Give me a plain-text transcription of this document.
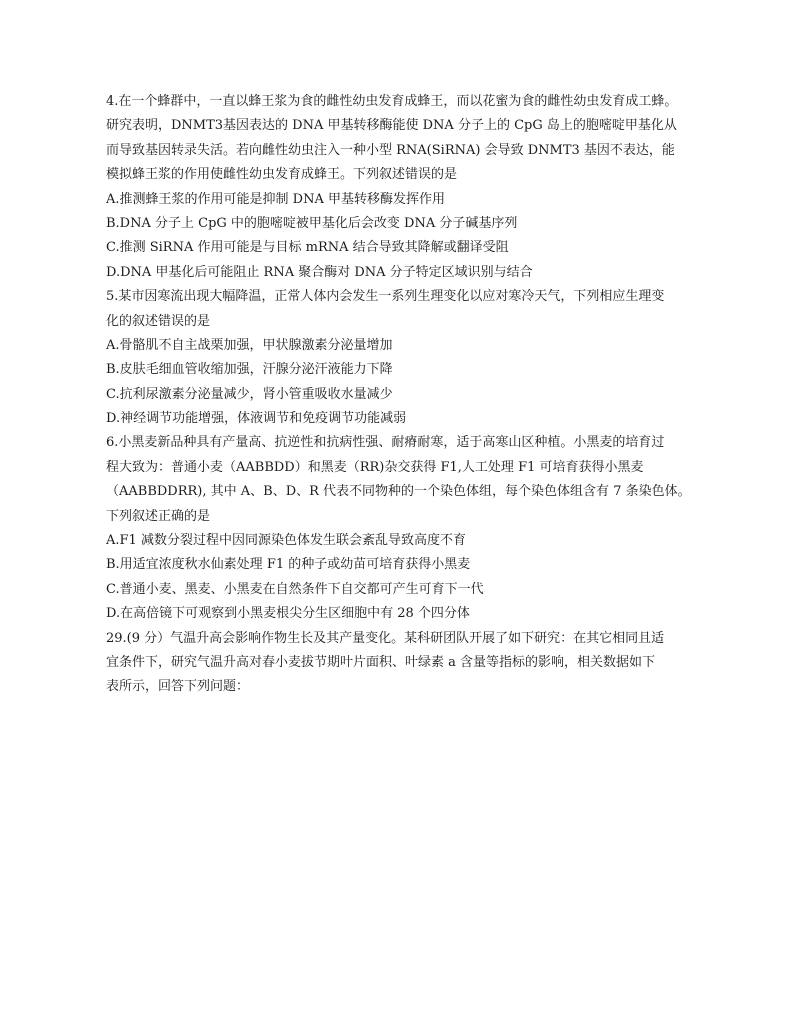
4.在一个蜂群中，一直以蜂王浆为食的雌性幼虫发育成蜂王，而以花蜜为食的雌性幼虫发育成工蜂。
研究表明，DNMT3基因表达的 DNA 甲基转移酶能使 DNA 分子上的 CpG 岛上的胞嘧啶甲基化从
而导致基因转录失活。若向雌性幼虫注入一种小型 RNA(SiRNA) 会导致 DNMT3 基因不表达，能
模拟蜂王浆的作用使雌性幼虫发育成蜂王。下列叙述错误的是
A.推测蜂王浆的作用可能是抑制 DNA 甲基转移酶发挥作用
B.DNA 分子上 CpG 中的胞嘧啶被甲基化后会改变 DNA 分子碱基序列
C.推测 SiRNA 作用可能是与目标 mRNA 结合导致其降解或翻译受阻
D.DNA 甲基化后可能阻止 RNA 聚合酶对 DNA 分子特定区域识别与结合
5.某市因寒流出现大幅降温，正常人体内会发生一系列生理变化以应对寒冷天气，下列相应生理变
化的叙述错误的是
A.骨骼肌不自主战栗加强，甲状腺激素分泌量增加
B.皮肤毛细血管收缩加强，汗腺分泌汗液能力下降
C.抗利尿激素分泌量减少，肾小管重吸收水量减少
D.神经调节功能增强，体液调节和免疫调节功能减弱
6.小黑麦新品种具有产量高、抗逆性和抗病性强、耐瘠耐寒，适于高寒山区种植。小黑麦的培育过
程大致为：普通小麦（AABBDD）和黑麦（RR)杂交获得 F1,人工处理 F1 可培育获得小黑麦
（AABBDDRR), 其中 A、B、D、R 代表不同物种的一个染色体组，每个染色体组含有 7 条染色体。
下列叙述正确的是
A.F1 减数分裂过程中因同源染色体发生联会紊乱导致高度不育
B.用适宜浓度秋水仙素处理 F1 的种子或幼苗可培育获得小黑麦
C.普通小麦、黑麦、小黑麦在自然条件下自交都可产生可育下一代
D.在高倍镜下可观察到小黑麦根尖分生区细胞中有 28 个四分体
29.(9 分）气温升高会影响作物生长及其产量变化。某科研团队开展了如下研究：在其它相同且适
宜条件下，研究气温升高对春小麦拔节期叶片面积、叶绿素 a 含量等指标的影响，相关数据如下
表所示，回答下列问题：
